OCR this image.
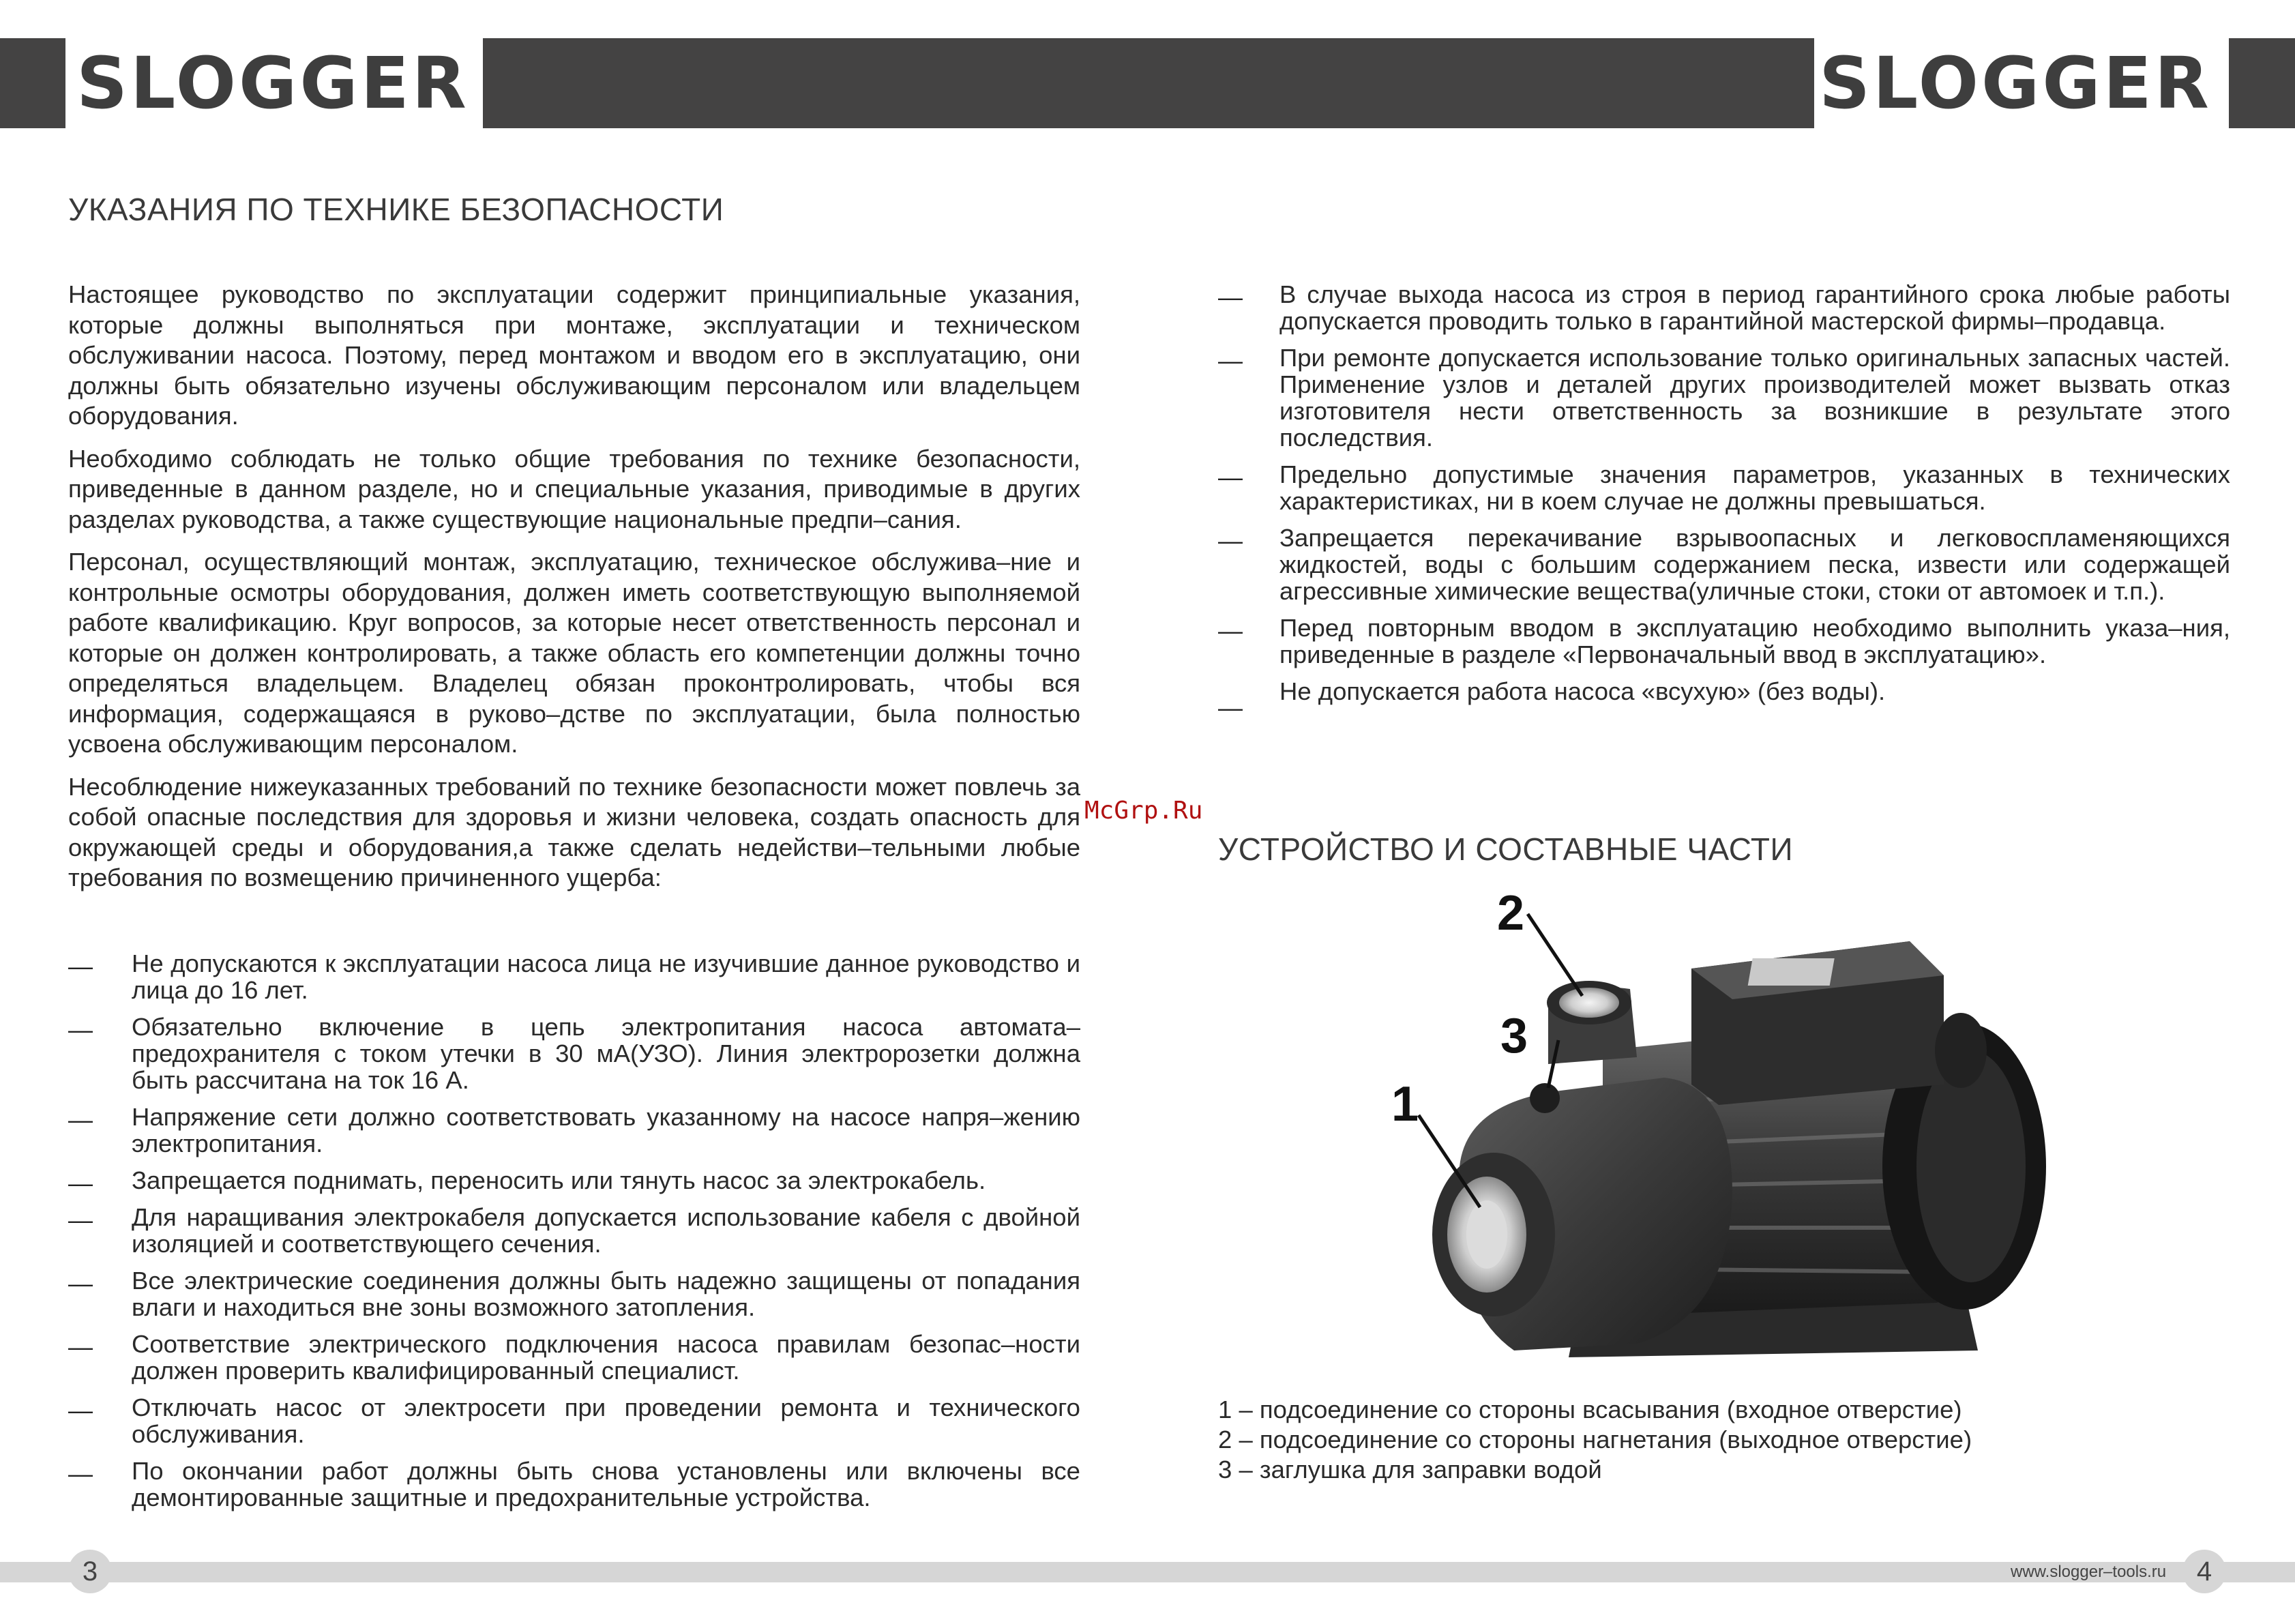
SLOGGER	SLOGGER
УКАЗАНИЯ ПО ТЕХНИКЕ БЕЗОПАСНОСТИ

Настоящее руководство по эксплуатации содержит принципиальные указания, которые должны выполняться при монтаже, эксплуатации и техническом обслуживании насоса. Поэтому, перед монтажом и вводом его в эксплуатацию, они должны быть обязательно изучены обслуживающим персоналом или владельцем оборудования.

Необходимо соблюдать не только общие требования по технике безопасности, приведенные в данном разделе, но и специальные указания, приводимые в других разделах руководства, а также существующие национальные предпи–сания.

Персонал, осуществляющий монтаж, эксплуатацию, техническое обслужива–ние и контрольные осмотры оборудования, должен иметь соответствующую выполняемой работе квалификацию. Круг вопросов, за которые несет ответственность персонал и которые он должен контролировать, а также область его компетенции должны точно определяться владельцем. Владелец обязан проконтролировать, чтобы вся информация, содержащаяся в руково–дстве по эксплуатации, была полностью усвоена обслуживающим персоналом.

Несоблюдение нижеуказанных требований по технике безопасности может повлечь за собой опасные последствия для здоровья и жизни человека, создать опасность для окружающей среды и оборудования,а также сделать недействи–тельными любые требования по возмещению причиненного ущерба:

— Не допускаются к эксплуатации насоса лица не изучившие данное руководство и лица до 16 лет.
— Обязательно включение в цепь электропитания насоса автомата–предохранителя с током утечки в 30 мА(УЗО). Линия электророзетки должна быть рассчитана на ток 16 А.
— Напряжение сети должно соответствовать указанному на насосе напря–жению электропитания.
— Запрещается поднимать, переносить или тянуть насос за электрокабель.
— Для наращивания электрокабеля допускается использование кабеля с двойной изоляцией и соответствующего сечения.
— Все электрические соединения должны быть надежно защищены от попадания влаги и находиться вне зоны возможного затопления.
— Соответствие электрического подключения насоса правилам безопас–ности должен проверить квалифицированный специалист.
— Отключать насос от электросети при проведении ремонта и технического обслуживания.
— По окончании работ должны быть снова установлены или включены все демонтированные защитные и предохранительные устройства.
McGrp.Ru
— В случае выхода насоса из строя в период гарантийного срока любые работы допускается проводить только в гарантийной мастерской фирмы–продавца.
— При ремонте допускается использование только оригинальных запасных частей. Применение узлов и деталей других производителей может вызвать отказ изготовителя нести ответственность за возникшие в результате этого последствия.
— Предельно допустимые значения параметров, указанных в технических характеристиках, ни в коем случае не должны превышаться.
— Запрещается перекачивание взрывоопасных и легковоспламеняющихся жидкостей, воды с большим содержанием песка, извести или содержащей агрессивные химические вещества(уличные стоки, стоки от автомоек и т.п.).
— Перед повторным вводом в эксплуатацию необходимо выполнить указа–ния, приведенные в разделе «Первоначальный ввод в эксплуатацию».
—
Не допускается работа насоса «всухую» (без воды).
УСТРОЙСТВО И СОСТАВНЫЕ ЧАСТИ
1
2
3
1 – подсоединение со стороны всасывания (входное отверстие)
2 – подсоединение со стороны нагнетания (выходное отверстие)
3 – заглушка для заправки водой
3	www.slogger–tools.ru	4
